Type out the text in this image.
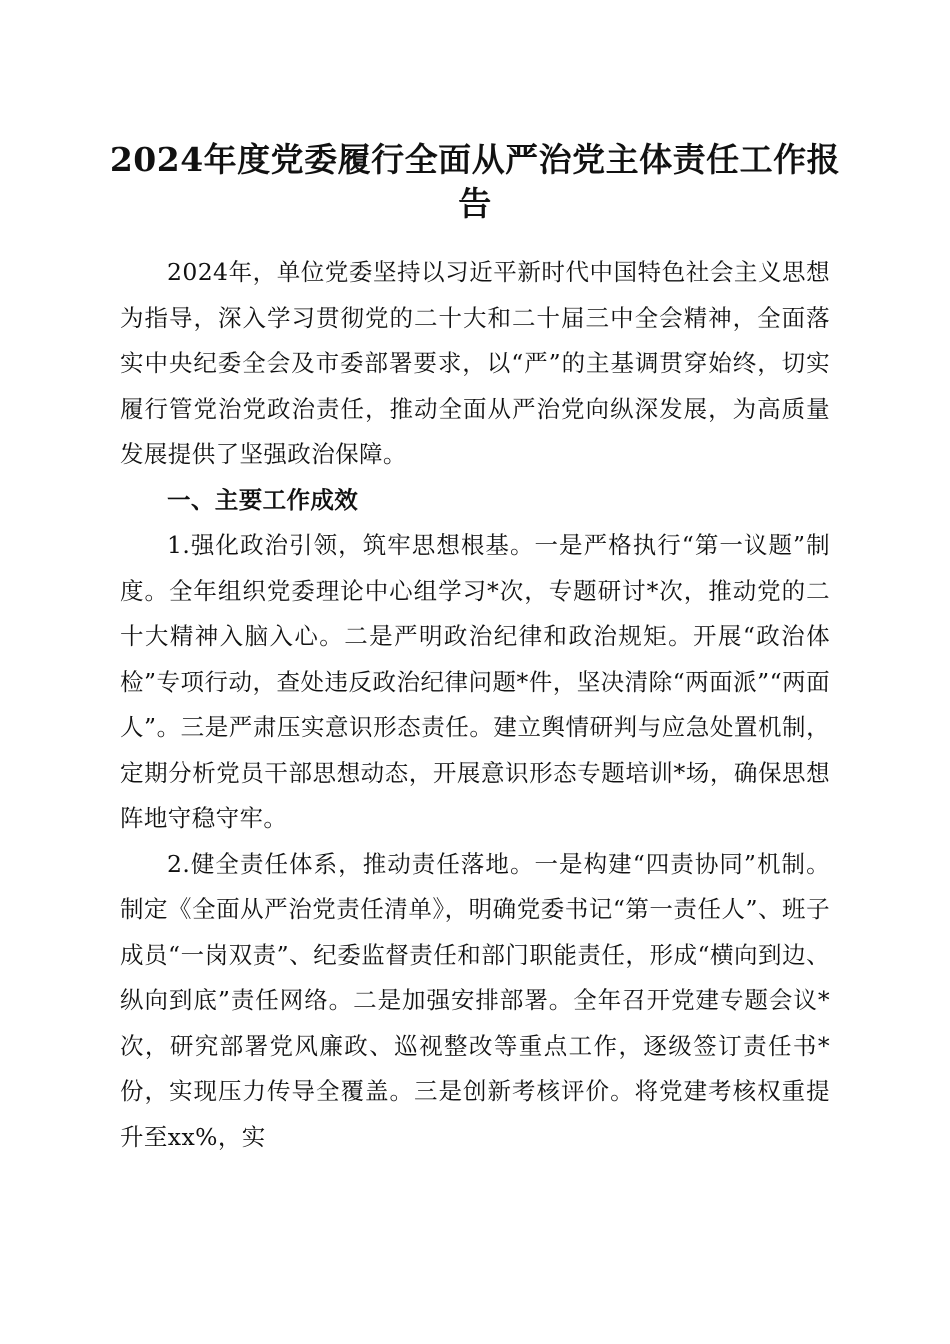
2024年度党委履行全面从严治党主体责任工作报告

2024年，单位党委坚持以习近平新时代中国特色社会主义思想为指导，深入学习贯彻党的二十大和二十届三中全会精神，全面落实中央纪委全会及市委部署要求，以“严”的主基调贯穿始终，切实履行管党治党政治责任，推动全面从严治党向纵深发展，为高质量发展提供了坚强政治保障。

一、主要工作成效

1.强化政治引领，筑牢思想根基。一是严格执行“第一议题”制度。全年组织党委理论中心组学习*次，专题研讨*次，推动党的二十大精神入脑入心。二是严明政治纪律和政治规矩。开展“政治体检”专项行动，查处违反政治纪律问题*件，坚决清除“两面派”“两面人”。三是严肃压实意识形态责任。建立舆情研判与应急处置机制，定期分析党员干部思想动态，开展意识形态专题培训*场，确保思想阵地守稳守牢。

2.健全责任体系，推动责任落地。一是构建“四责协同”机制。制定《全面从严治党责任清单》，明确党委书记“第一责任人”、班子成员“一岗双责”、纪委监督责任和部门职能责任，形成“横向到边、纵向到底”责任网络。二是加强安排部署。全年召开党建专题会议*次，研究部署党风廉政、巡视整改等重点工作，逐级签订责任书*份，实现压力传导全覆盖。三是创新考核评价。将党建考核权重提升至xx%，实
